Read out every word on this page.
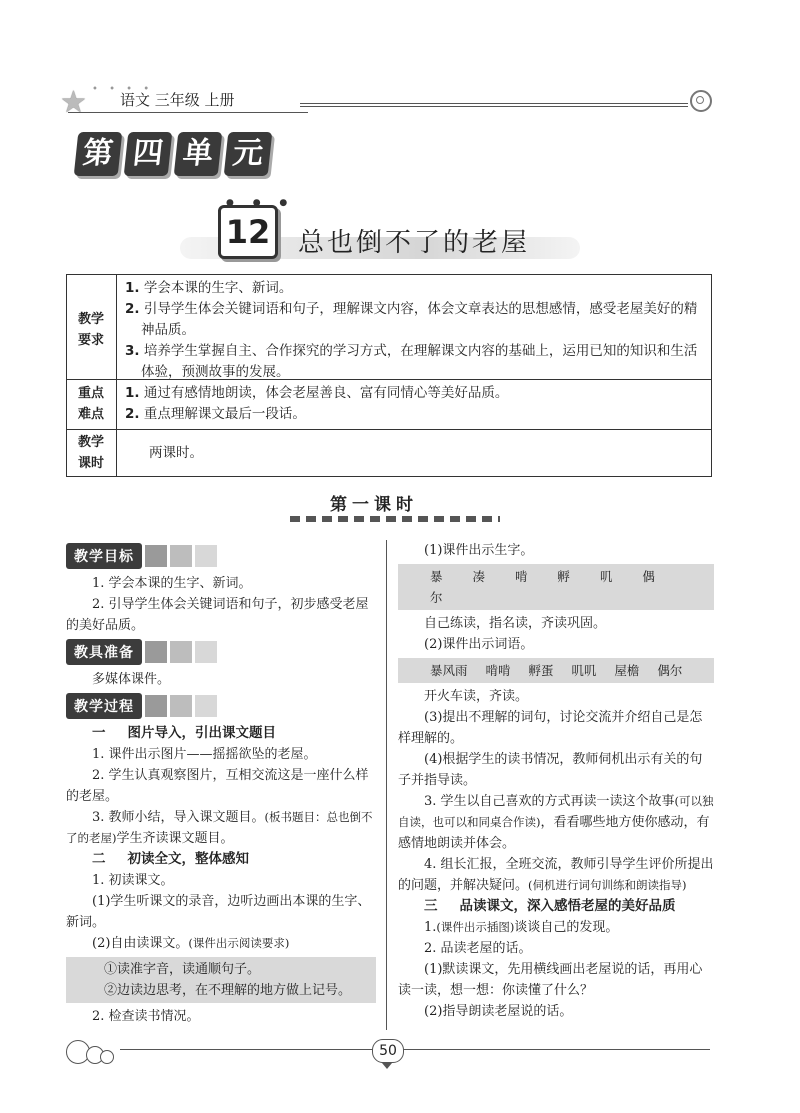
• • • •
★ 语文 三年级 上册
第 四 单 元
12
● ● ●
总也倒不了的老屋
教学
要求
1. 学会本课的生字、新词。
2. 引导学生体会关键词语和句子，理解课文内容，体会文章表达的思想感情，感受老屋美好的精神品质。
3. 培养学生掌握自主、合作探究的学习方式，在理解课文内容的基础上，运用已知的知识和生活体验，预测故事的发展。
重点
难点
1. 通过有感情地朗读，体会老屋善良、富有同情心等美好品质。
2. 重点理解课文最后一段话。
教学
课时
两课时。
第一课时
教学目标

1. 学会本课的生字、新词。

2. 引导学生体会关键词语和句子，初步感受老屋的美好品质。

教具准备

多媒体课件。

教学过程

一 图片导入，引出课文题目

1. 课件出示图片——摇摇欲坠的老屋。

2. 学生认真观察图片，互相交流这是一座什么样的老屋。

3. 教师小结，导入课文题目。(板书题目：总也倒不了的老屋)学生齐读课文题目。

二 初读全文，整体感知

1. 初读课文。

(1)学生听课文的录音，边听边画出本课的生字、新词。

(2)自由读课文。(课件出示阅读要求)

①读准字音，读通顺句子。

②边读边思考，在不理解的地方做上记号。

2. 检查读书情况。

(1)课件出示生字。

暴 凑 啃 孵 叽 偶 尔

自己练读，指名读，齐读巩固。

(2)课件出示词语。

暴风雨 啃啃 孵蛋 叽叽 屋檐 偶尔

开火车读，齐读。

(3)提出不理解的词句，讨论交流并介绍自己是怎样理解的。

(4)根据学生的读书情况，教师伺机出示有关的句子并指导读。

3. 学生以自己喜欢的方式再读一读这个故事(可以独自读，也可以和同桌合作读)，看看哪些地方使你感动，有感情地朗读并体会。

4. 组长汇报，全班交流，教师引导学生评价所提出的问题，并解决疑问。(伺机进行词句训练和朗读指导)

三 品读课文，深入感悟老屋的美好品质

1.(课件出示插图)谈谈自己的发现。

2. 品读老屋的话。

(1)默读课文，先用横线画出老屋说的话，再用心读一读，想一想：你读懂了什么？

(2)指导朗读老屋说的话。

50
